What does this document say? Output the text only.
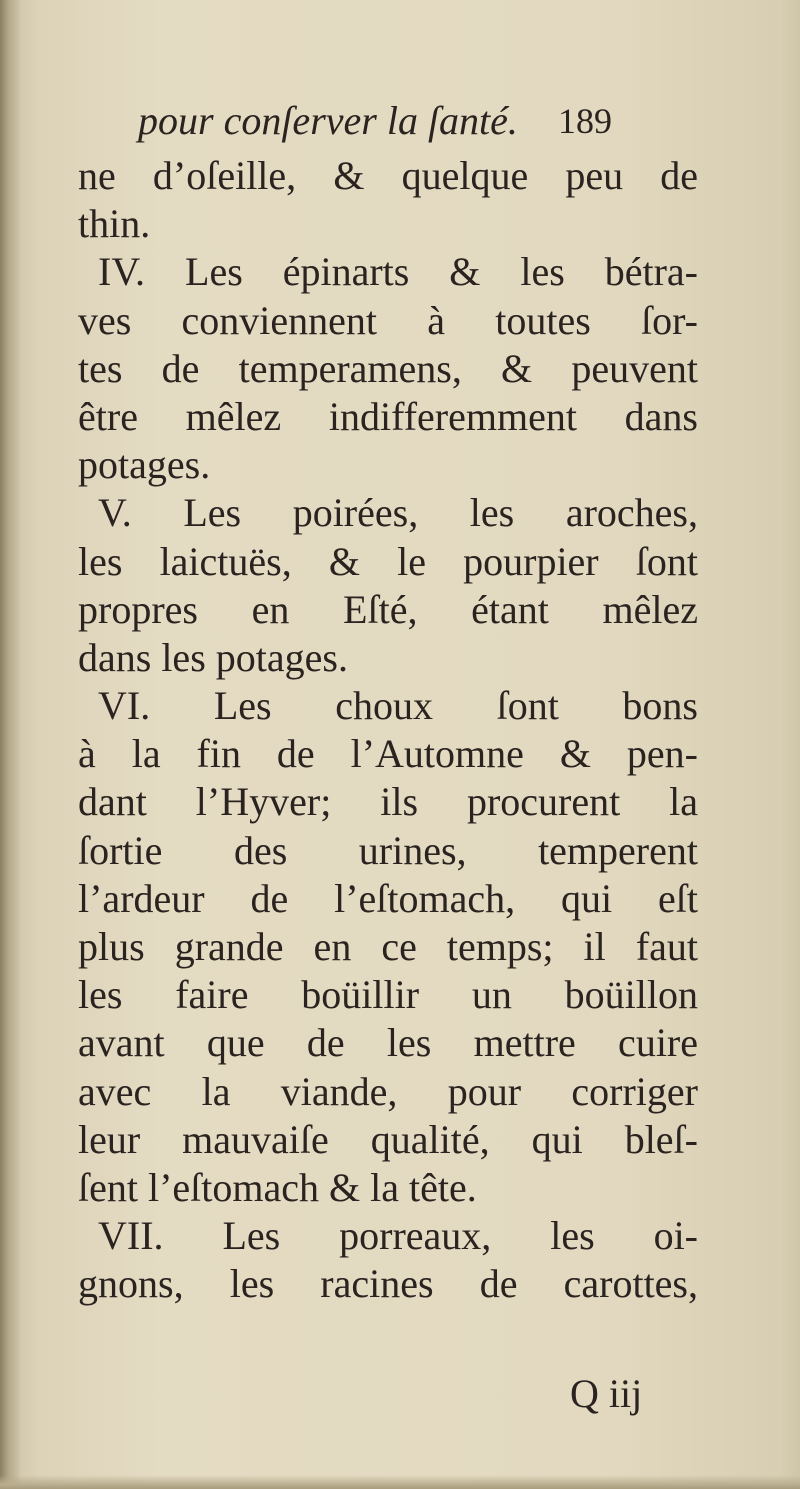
pour conſerver la ſanté. 189
ne d’oſeille, & quelque peu de
thin.
IV. Les épinarts & les bétra-
ves conviennent à toutes ſor-
tes de temperamens, & peuvent
être mêlez indifferemment dans
potages.
V. Les poirées, les aroches,
les laictuës, & le pourpier ſont
propres en Eſté, étant mêlez
dans les potages.
VI. Les choux ſont bons
à la fin de l’Automne & pen-
dant l’Hyver; ils procurent la
ſortie des urines, temperent
l’ardeur de l’eſtomach, qui eſt
plus grande en ce temps; il faut
les faire boüillir un boüillon
avant que de les mettre cuire
avec la viande, pour corriger
leur mauvaiſe qualité, qui bleſ-
ſent l’eſtomach & la tête.
VII. Les porreaux, les oi-
gnons, les racines de carottes,
Q iij
